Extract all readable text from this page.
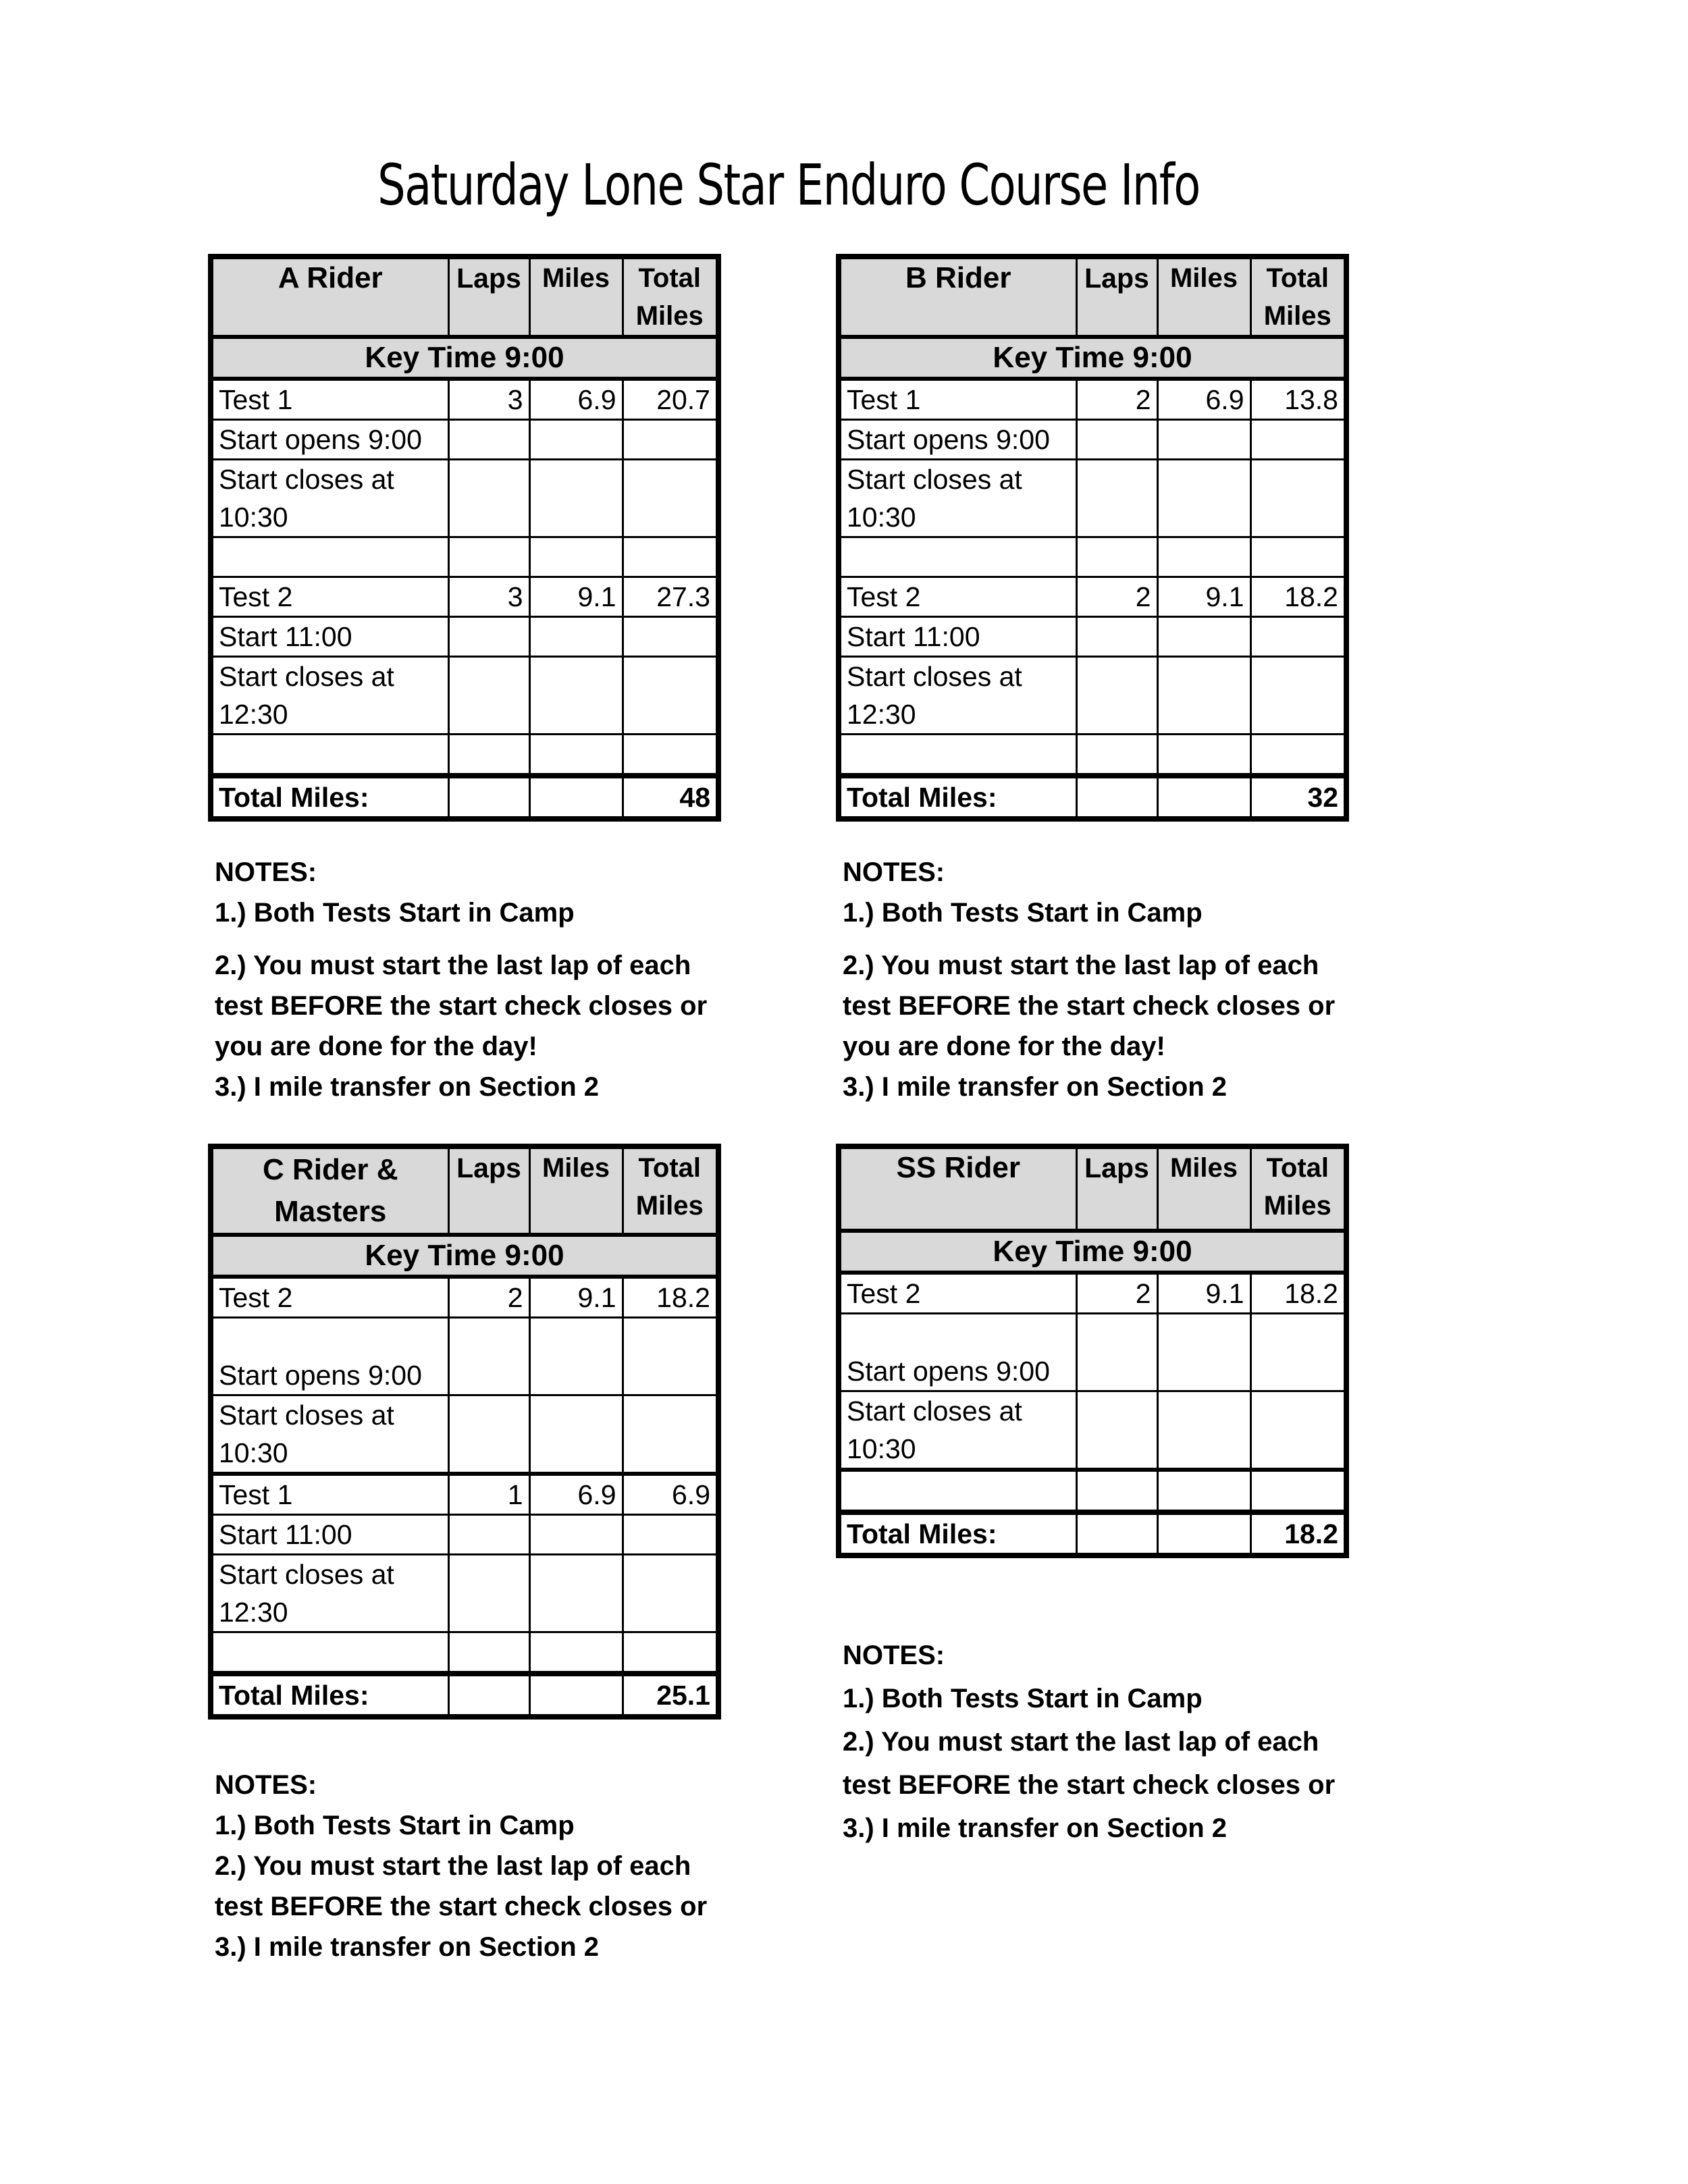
Saturday Lone Star Enduro Course Info
A Rider	Laps	Miles	Total Miles
Key Time 9:00			
Test 1	3	6.9	20.7
Start opens 9:00			
Start closes at 10:30			

Test 2	3	9.1	27.3
Start 11:00			
Start closes at 12:30			

Total Miles:			48
NOTES:
1.) Both Tests Start in Camp
2.) You must start the last lap of each
test BEFORE the start check closes or
you are done for the day!
3.) I mile transfer on Section 2
B Rider	Laps	Miles	Total Miles
Key Time 9:00			
Test 1	2	6.9	13.8
Start opens 9:00			
Start closes at 10:30			

Test 2	2	9.1	18.2
Start 11:00			
Start closes at 12:30			

Total Miles:			32
NOTES:
1.) Both Tests Start in Camp
2.) You must start the last lap of each
test BEFORE the start check closes or
you are done for the day!
3.) I mile transfer on Section 2
C Rider & Masters	Laps	Miles	Total Miles
Key Time 9:00			
Test 2	2	9.1	18.2
Start opens 9:00			
Start closes at 10:30			
Test 1	1	6.9	6.9
Start 11:00			
Start closes at 12:30			

Total Miles:			25.1
NOTES:
1.) Both Tests Start in Camp
2.) You must start the last lap of each
test BEFORE the start check closes or
3.) I mile transfer on Section 2
SS Rider	Laps	Miles	Total Miles
Key Time 9:00			
Test 2	2	9.1	18.2
Start opens 9:00			
Start closes at 10:30			

Total Miles:			18.2
NOTES:
1.) Both Tests Start in Camp
2.) You must start the last lap of each
test BEFORE the start check closes or
3.) I mile transfer on Section 2
